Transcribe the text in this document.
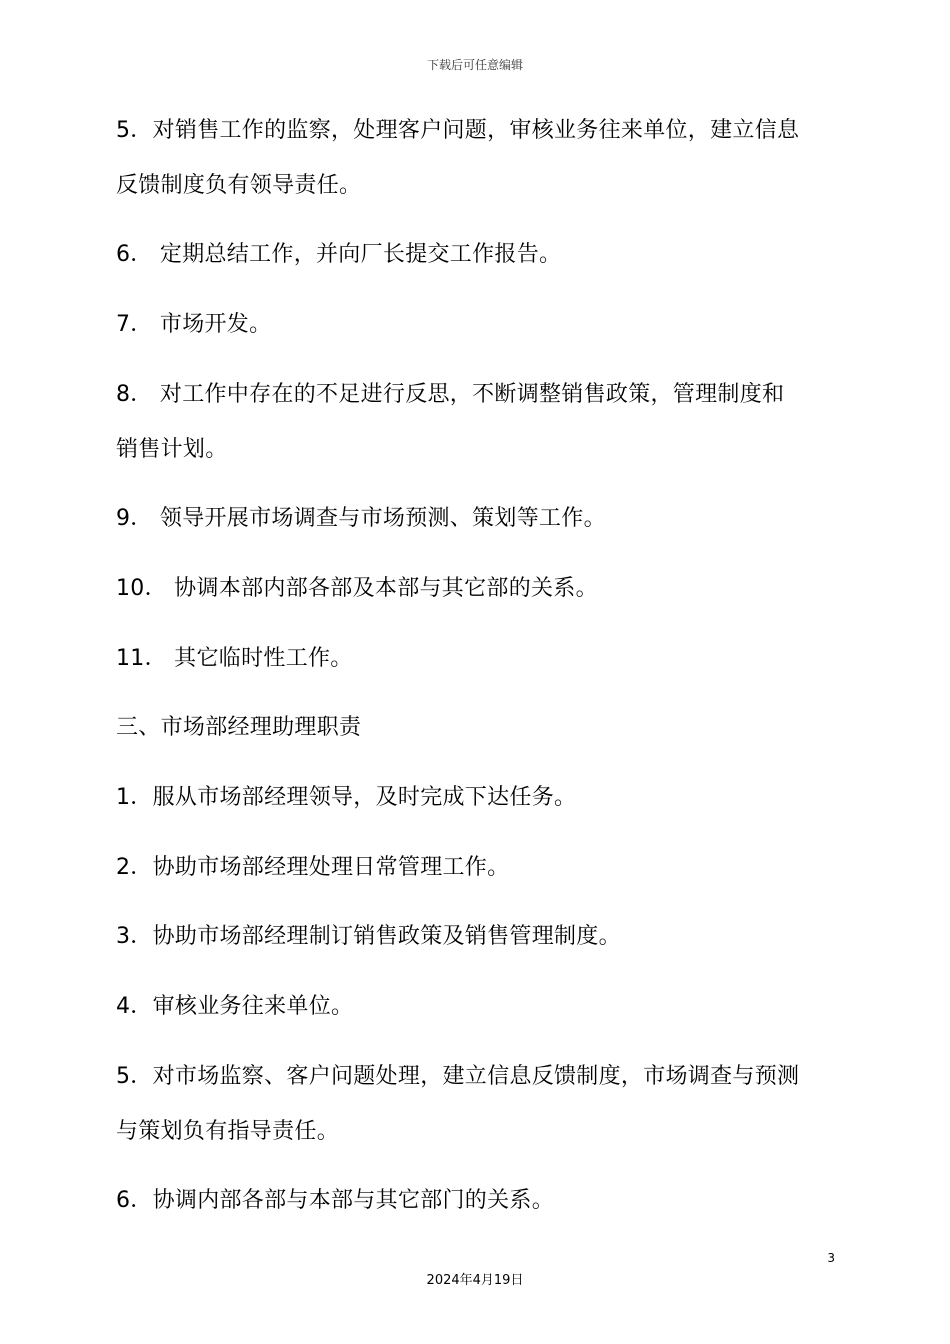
下载后可任意编辑
5．对销售工作的监察，处理客户问题，审核业务往来单位，建立信息
反馈制度负有领导责任。
6． 定期总结工作，并向厂长提交工作报告。
7． 市场开发。
8． 对工作中存在的不足进行反思，不断调整销售政策，管理制度和
销售计划。
9． 领导开展市场调查与市场预测、策划等工作。
10． 协调本部内部各部及本部与其它部的关系。
11． 其它临时性工作。
三、市场部经理助理职责
1．服从市场部经理领导，及时完成下达任务。
2．协助市场部经理处理日常管理工作。
3．协助市场部经理制订销售政策及销售管理制度。
4．审核业务往来单位。
5．对市场监察、客户问题处理，建立信息反馈制度，市场调查与预测
与策划负有指导责任。
6．协调内部各部与本部与其它部门的关系。
3
2024年4月19日
